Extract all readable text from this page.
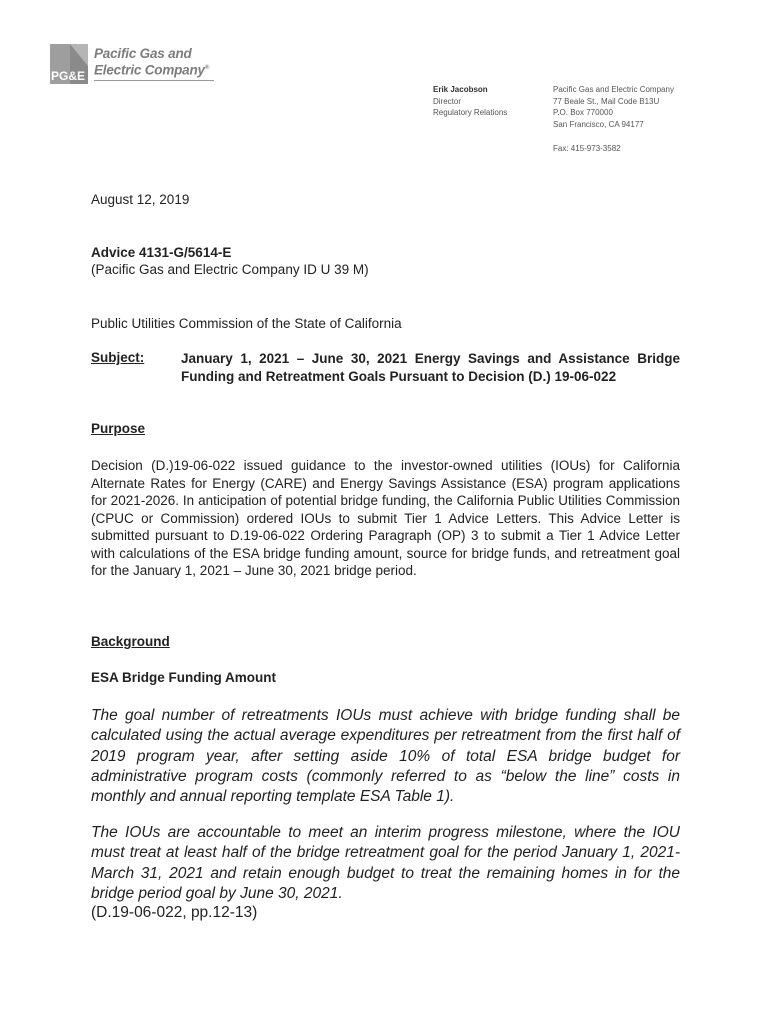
PG&E
Pacific Gas and
Electric Company®
Erik Jacobson
Director
Regulatory Relations
Pacific Gas and Electric Company
77 Beale St., Mail Code B13U
P.O. Box 770000
San Francisco, CA 94177
Fax: 415-973-3582
August 12, 2019
Advice 4131-G/5614-E
(Pacific Gas and Electric Company ID U 39 M)
Public Utilities Commission of the State of California
Subject:	January 1, 2021 – June 30, 2021 Energy Savings and Assistance Bridge Funding and Retreatment Goals Pursuant to Decision (D.) 19-06-022
Purpose
Decision (D.)19-06-022 issued guidance to the investor-owned utilities (IOUs) for California Alternate Rates for Energy (CARE) and Energy Savings Assistance (ESA) program applications for 2021-2026. In anticipation of potential bridge funding, the California Public Utilities Commission (CPUC or Commission) ordered IOUs to submit Tier 1 Advice Letters. This Advice Letter is submitted pursuant to D.19-06-022 Ordering Paragraph (OP) 3 to submit a Tier 1 Advice Letter with calculations of the ESA bridge funding amount, source for bridge funds, and retreatment goal for the January 1, 2021 – June 30, 2021 bridge period.
Background
ESA Bridge Funding Amount
The goal number of retreatments IOUs must achieve with bridge funding shall be calculated using the actual average expenditures per retreatment from the first half of 2019 program year, after setting aside 10% of total ESA bridge budget for administrative program costs (commonly referred to as “below the line” costs in monthly and annual reporting template ESA Table 1).
The IOUs are accountable to meet an interim progress milestone, where the IOU must treat at least half of the bridge retreatment goal for the period January 1, 2021-March 31, 2021 and retain enough budget to treat the remaining homes in for the bridge period goal by June 30, 2021.
(D.19-06-022, pp.12-13)
